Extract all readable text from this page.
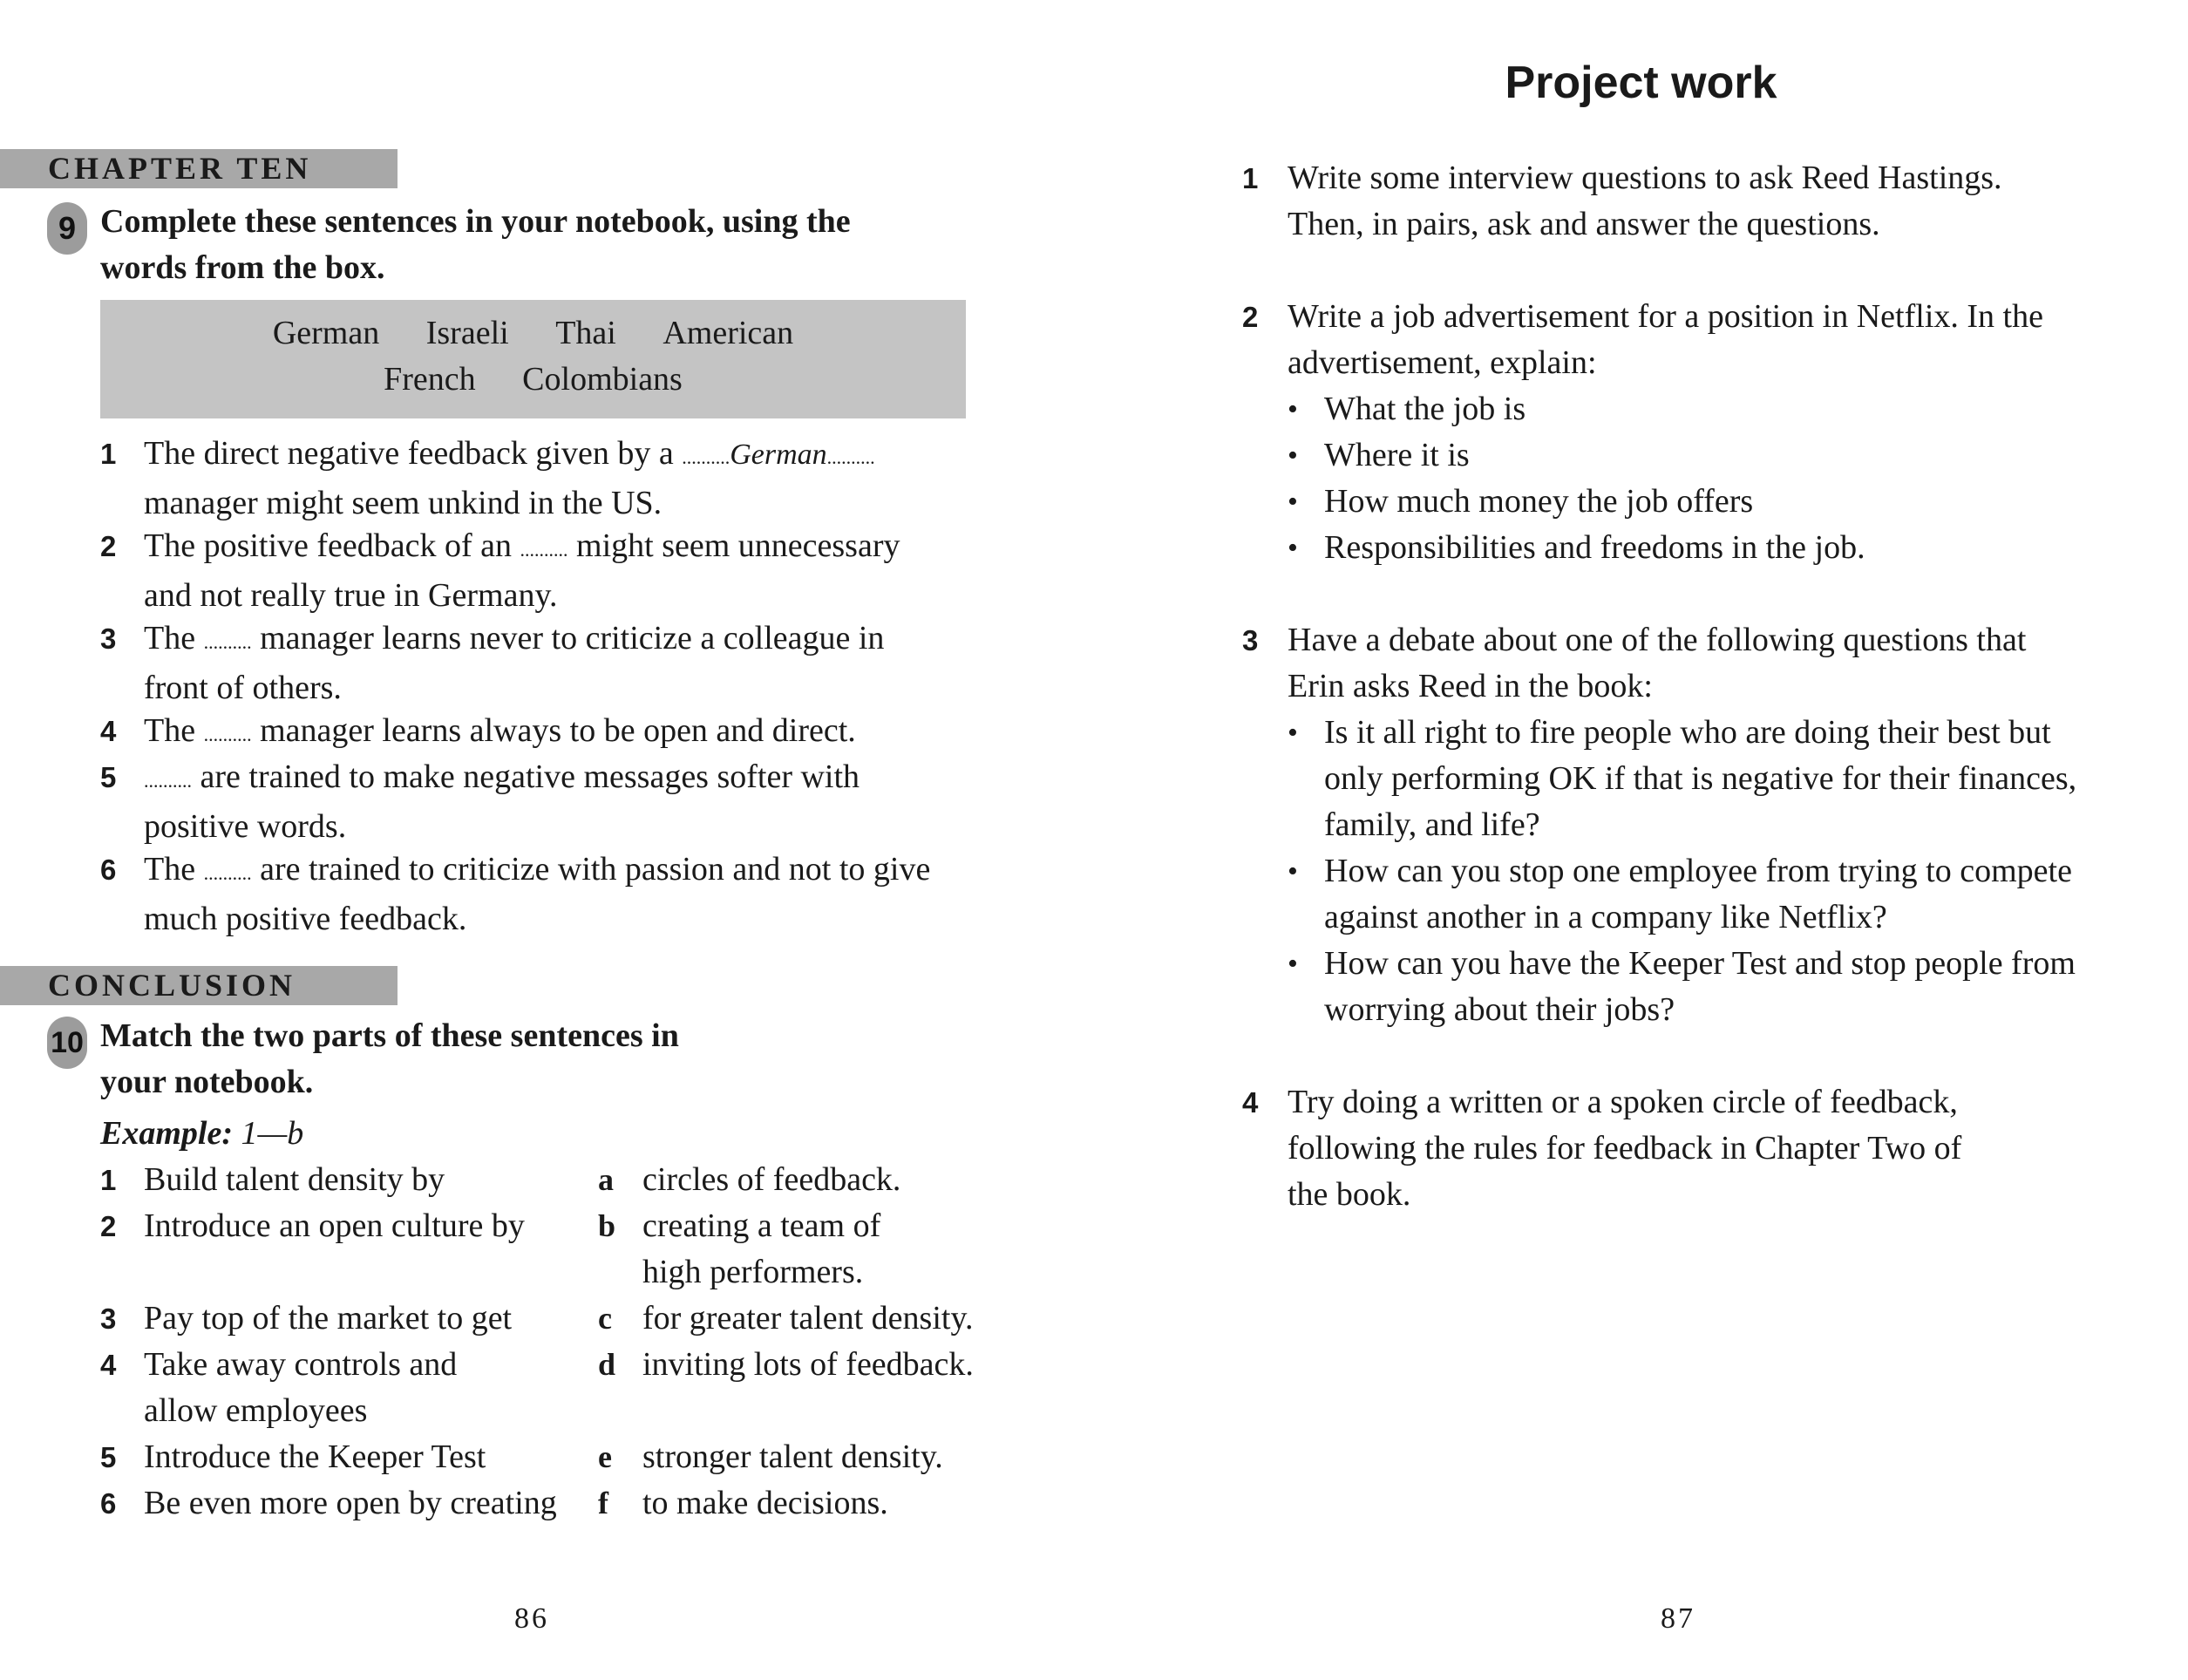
CHAPTER TEN
9 Complete these sentences in your notebook, using the
words from the box.
German Israeli Thai American
French Colombians
1 The direct negative feedback given by a ..........German..........
manager might seem unkind in the US.
2 The positive feedback of an .......... might seem unnecessary
and not really true in Germany.
3 The .......... manager learns never to criticize a colleague in
front of others.
4 The .......... manager learns always to be open and direct.
5 .......... are trained to make negative messages softer with
positive words.
6 The .......... are trained to criticize with passion and not to give
much positive feedback.
CONCLUSION
10 Match the two parts of these sentences in
your notebook.
Example: 1—b
1 Build talent density by
2 Introduce an open culture by
3 Pay top of the market to get
4 Take away controls and
allow employees
5 Introduce the Keeper Test
6 Be even more open by creating
a circles of feedback.
b creating a team of
high performers.
c for greater talent density.
d inviting lots of feedback.
e stronger talent density.
f to make decisions.
86
Project work
1 Write some interview questions to ask Reed Hastings.
Then, in pairs, ask and answer the questions.
2 Write a job advertisement for a position in Netflix. In the
advertisement, explain:
• What the job is
• Where it is
• How much money the job offers
• Responsibilities and freedoms in the job.
3 Have a debate about one of the following questions that
Erin asks Reed in the book:
• Is it all right to fire people who are doing their best but
only performing OK if that is negative for their finances,
family, and life?
• How can you stop one employee from trying to compete
against another in a company like Netflix?
• How can you have the Keeper Test and stop people from
worrying about their jobs?
4 Try doing a written or a spoken circle of feedback,
following the rules for feedback in Chapter Two of
the book.
87
